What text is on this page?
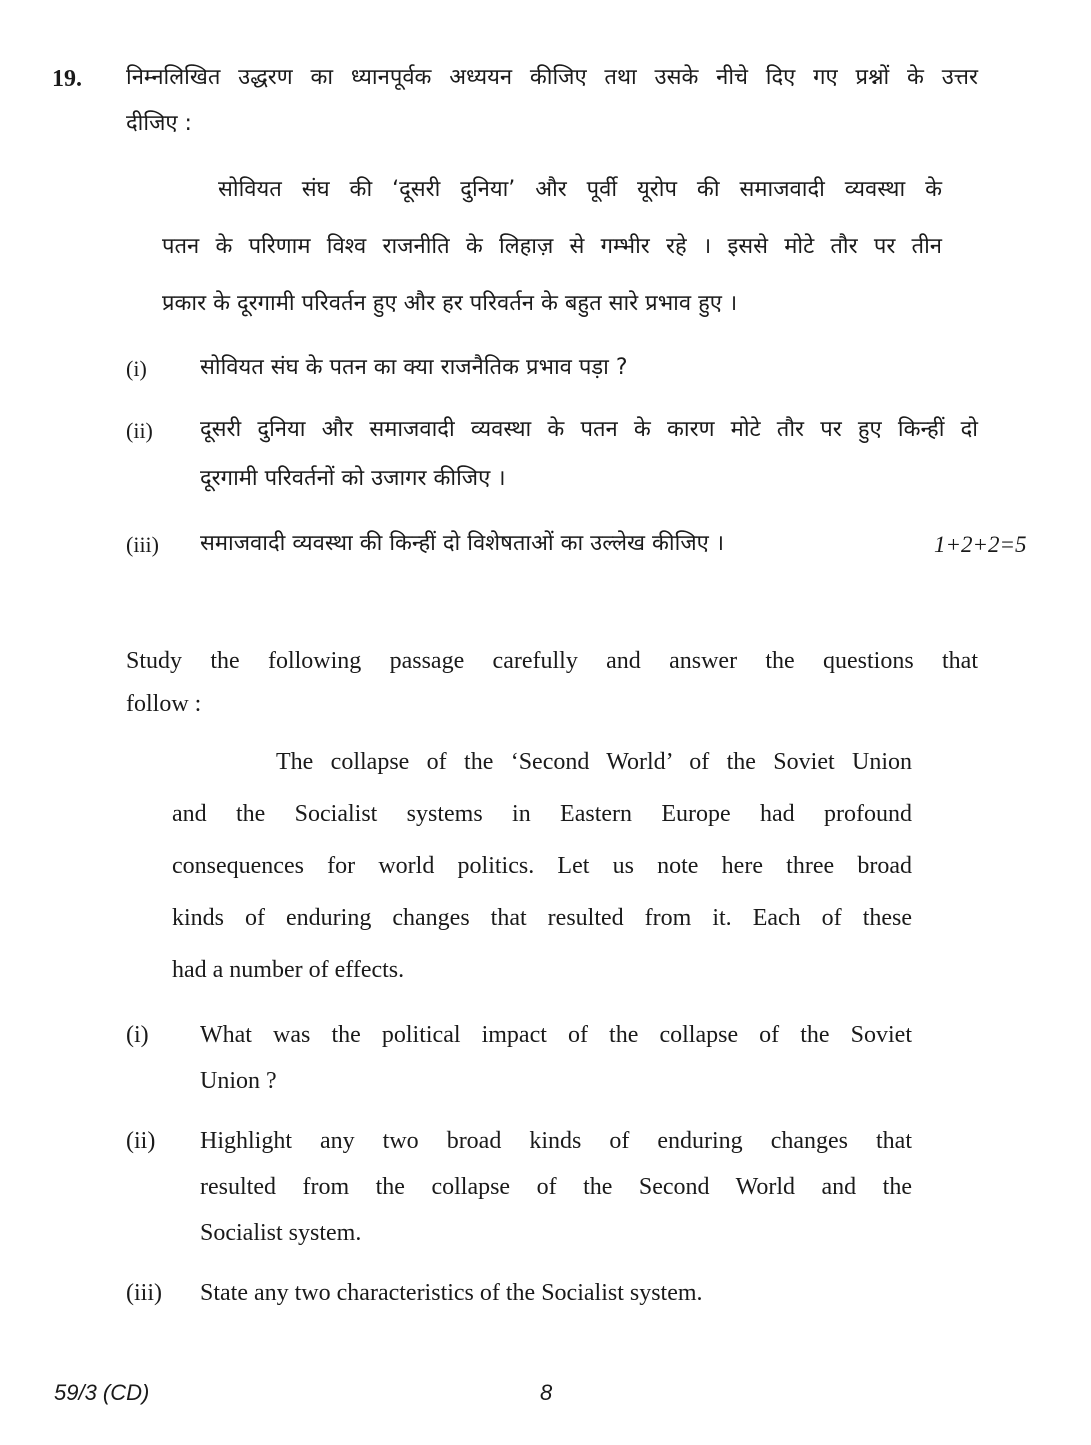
19. निम्नलिखित उद्धरण का ध्यानपूर्वक अध्ययन कीजिए तथा उसके नीचे दिए गए प्रश्नों के उत्तर
दीजिए :
सोवियत संघ की ‘दूसरी दुनिया’ और पूर्वी यूरोप की समाजवादी व्यवस्था के
पतन के परिणाम विश्व राजनीति के लिहाज़ से गम्भीर रहे । इससे मोटे तौर पर तीन
प्रकार के दूरगामी परिवर्तन हुए और हर परिवर्तन के बहुत सारे प्रभाव हुए ।
(i) सोवियत संघ के पतन का क्या राजनैतिक प्रभाव पड़ा ?
(ii) दूसरी दुनिया और समाजवादी व्यवस्था के पतन के कारण मोटे तौर पर हुए किन्हीं दो
दूरगामी परिवर्तनों को उजागर कीजिए ।
(iii) समाजवादी व्यवस्था की किन्हीं दो विशेषताओं का उल्लेख कीजिए ।	1+2+2=5
Study the following passage carefully and answer the questions that
follow :
The collapse of the ‘Second World’ of the Soviet Union
and the Socialist systems in Eastern Europe had profound
consequences for world politics. Let us note here three broad
kinds of enduring changes that resulted from it. Each of these
had a number of effects.
(i) What was the political impact of the collapse of the Soviet
Union ?
(ii) Highlight any two broad kinds of enduring changes that
resulted from the collapse of the Second World and the
Socialist system.
(iii) State any two characteristics of the Socialist system.
59/3 (CD)	8
